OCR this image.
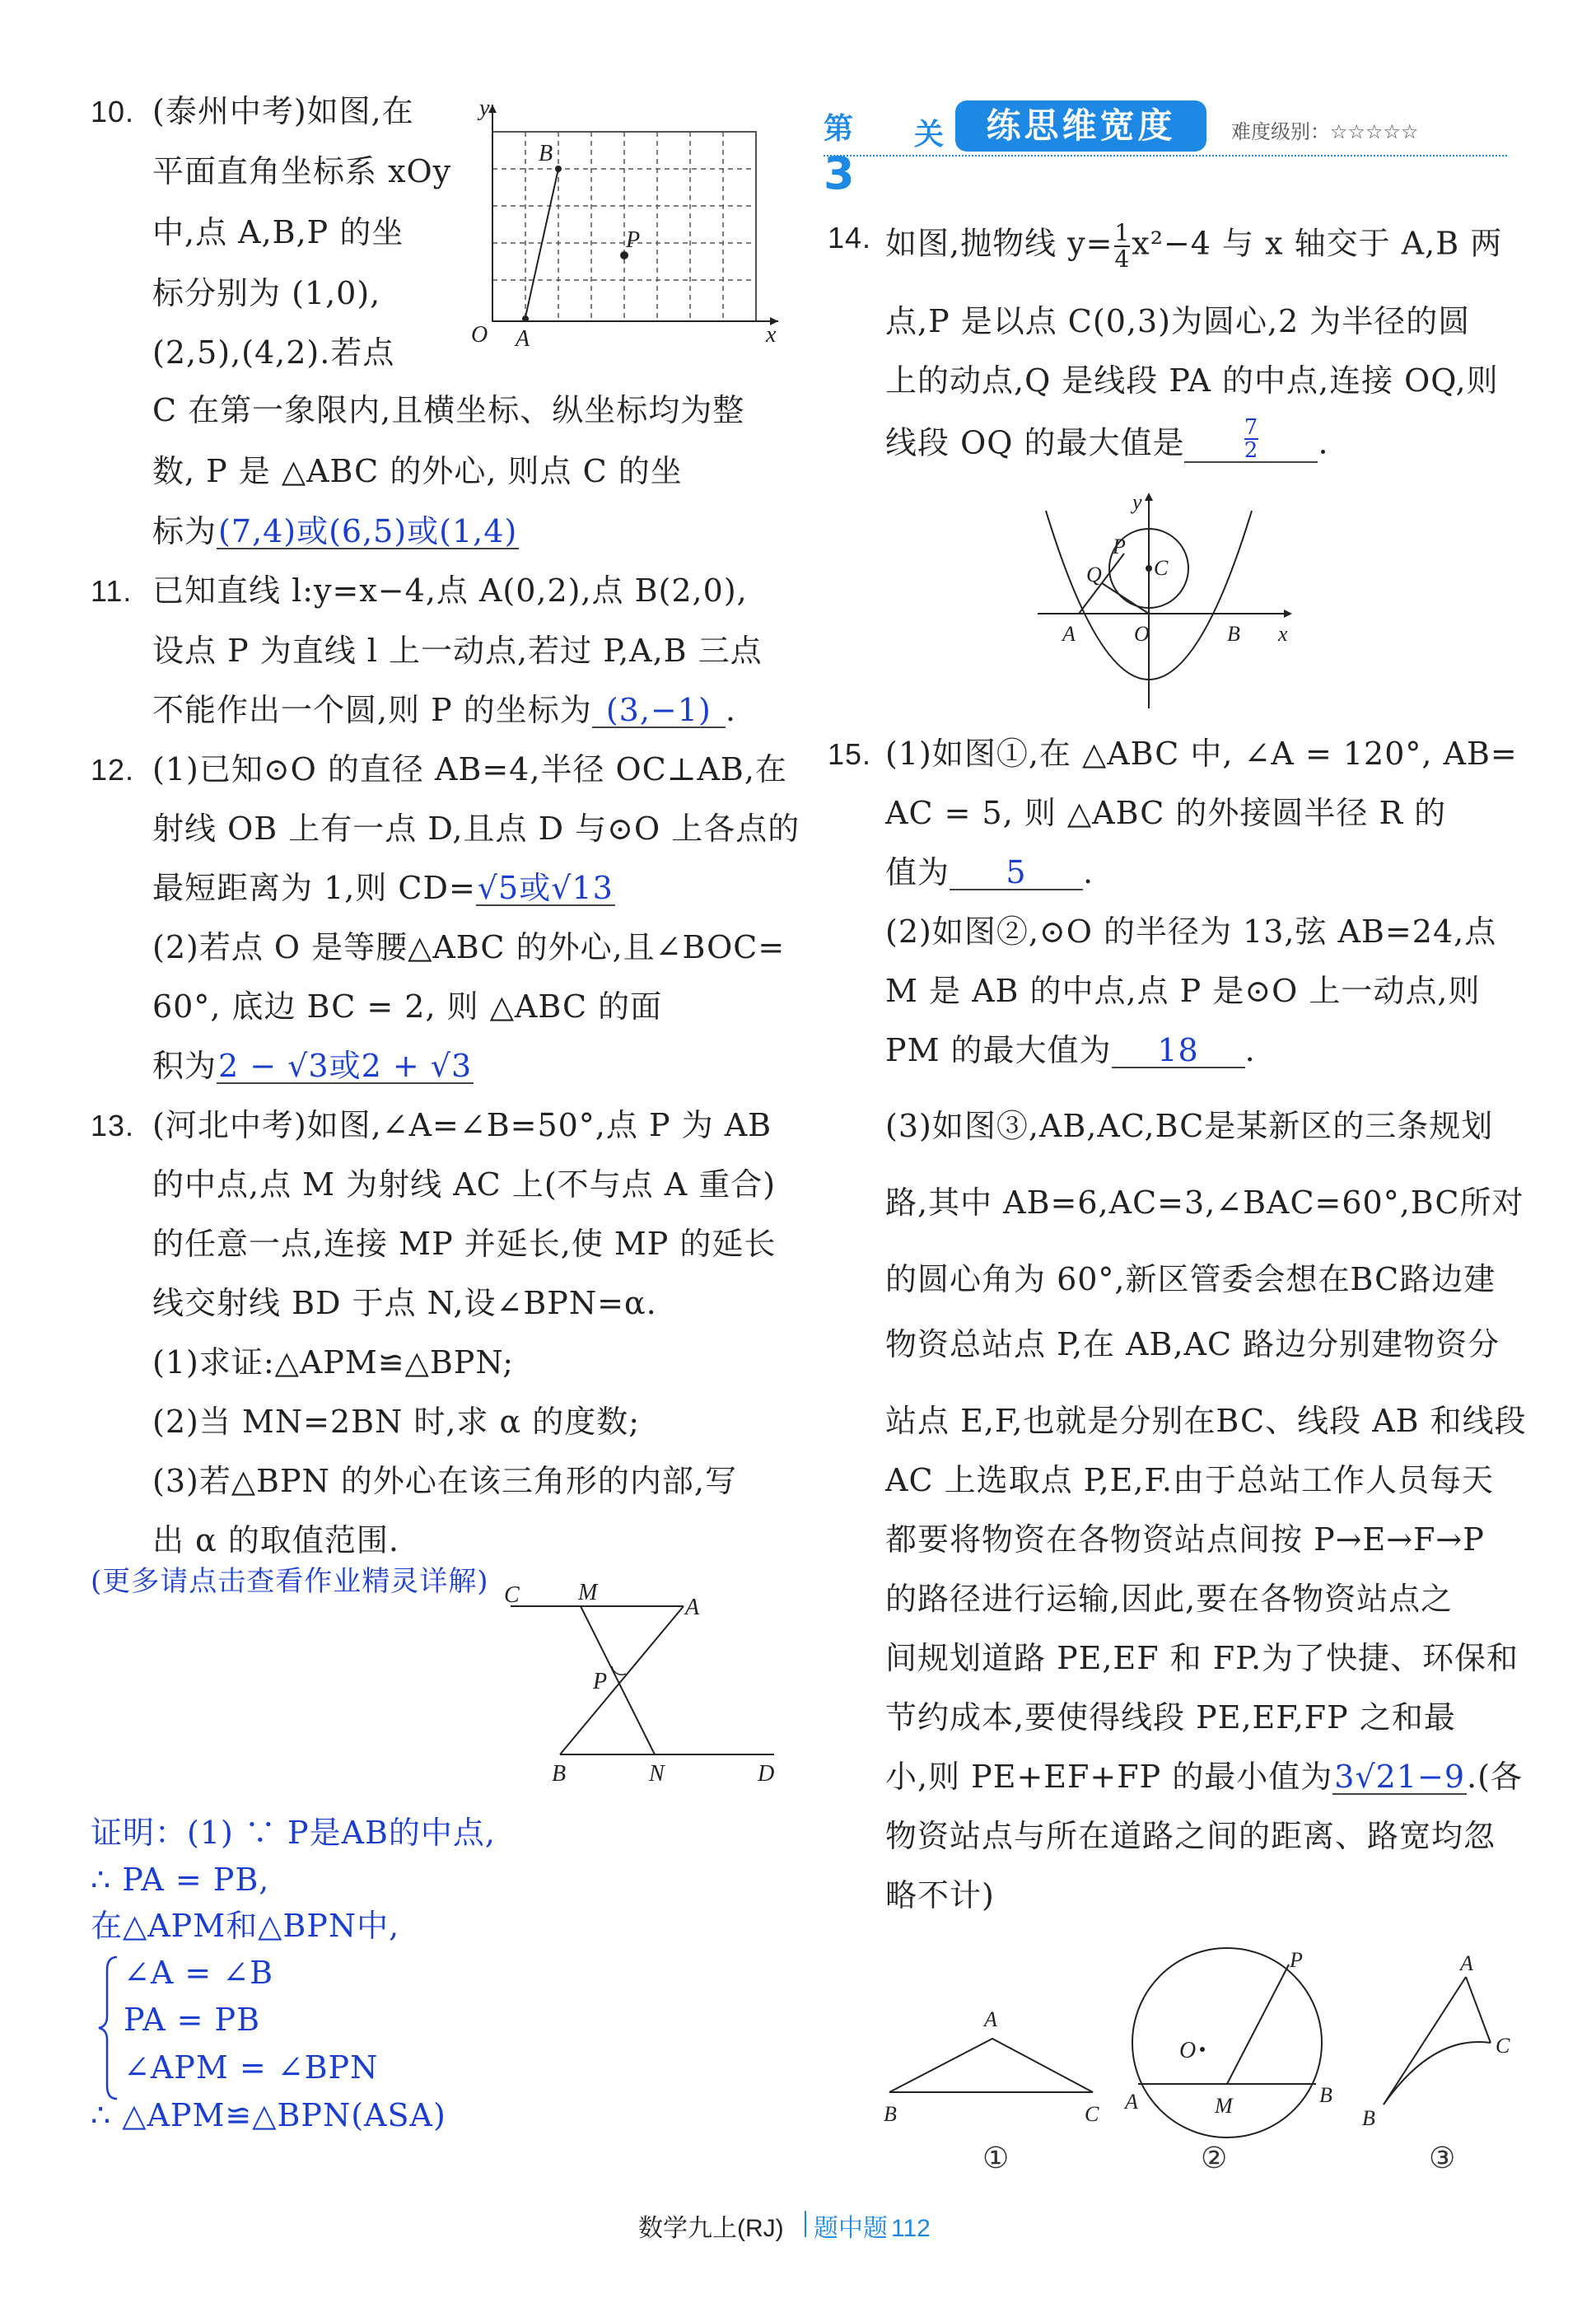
10. (泰州中考)如图,在
平面直角坐标系 xOy
中,点 A,B,P 的坐
标分别为 (1,0),
(2,5),(4,2).若点
C 在第一象限内,且横坐标、纵坐标均为整
数, P 是 △ABC 的外心, 则点 C 的坐
标为(7,4)或(6,5)或(1,4)
y
x
O A
B
P
11. 已知直线 l:y=x−4,点 A(0,2),点 B(2,0),
设点 P 为直线 l 上一动点,若过 P,A,B 三点
不能作出一个圆,则 P 的坐标为 (3,−1) .
12. (1)已知⊙O 的直径 AB=4,半径 OC⊥AB,在
射线 OB 上有一点 D,且点 D 与⊙O 上各点的
最短距离为 1,则 CD=√5或√13
(2)若点 O 是等腰△ABC 的外心,且∠BOC=
60°, 底边 BC = 2, 则 △ABC 的面
积为2 − √3或2 + √3
13. (河北中考)如图,∠A=∠B=50°,点 P 为 AB
的中点,点 M 为射线 AC 上(不与点 A 重合)
的任意一点,连接 MP 并延长,使 MP 的延长
线交射线 BD 于点 N,设∠BPN=α.
(1)求证:△APM≌△BPN;
(2)当 MN=2BN 时,求 α 的度数;
(3)若△BPN 的外心在该三角形的内部,写
出 α 的取值范围.
(更多请点击查看作业精灵详解) C	M
A
P
B	N	D
证明：(1) ∵ P是AB的中点,
∴ PA = PB,
在△APM和△BPN中,
∠A = ∠B
PA = PB
∠APM = ∠BPN
∴ △APM≌△BPN(ASA)
第3
关	练思维宽度	难度级别：☆☆☆☆☆
14. 如图,抛物线 $y= \frac{1}{4} x^2-4$ 与 x 轴交于 A,B 两
点,P 是以点 C(0,3)为圆心,2 为半径的圆
上的动点,Q 是线段 PA 的中点,连接 OQ,则
线段 OQ 的最大值是	$\frac{7}{2}$ .
y
x
C
P
Q
A	O	B
15. (1)如图①,在 △ABC 中, ∠A = 120°, AB=
AC = 5, 则 △ABC 的外接圆半径 R 的
值为 5 .
(2)如图②,⊙O 的半径为 13,弦 AB=24,点
M 是 AB 的中点,点 P 是⊙O 上一动点,则
PM 的最大值为 18 .
(3)如图③,AB,AC,BC是某新区的三条规划
路,其中 AB=6,AC=3,∠BAC=60°,BC所对
的圆心角为 60°,新区管委会想在BC路边建
物资总站点 P,在 AB,AC 路边分别建物资分
站点 E,F,也就是分别在BC、线段 AB 和线段
AC 上选取点 P,E,F.由于总站工作人员每天
都要将物资在各物资站点间按 P→E→F→P
的路径进行运输,因此,要在各物资站点之
间规划道路 PE,EF 和 FP.为了快捷、环保和
节约成本,要使得线段 PE,EF,FP 之和最
小,则 PE+EF+FP 的最小值为3√21−9.(各
物资站点与所在道路之间的距离、路宽均忽
略不计)
A
B	C
①
O
A	M	B
P
②
A
C
B
③
数学九上(RJ) 题中题 112
